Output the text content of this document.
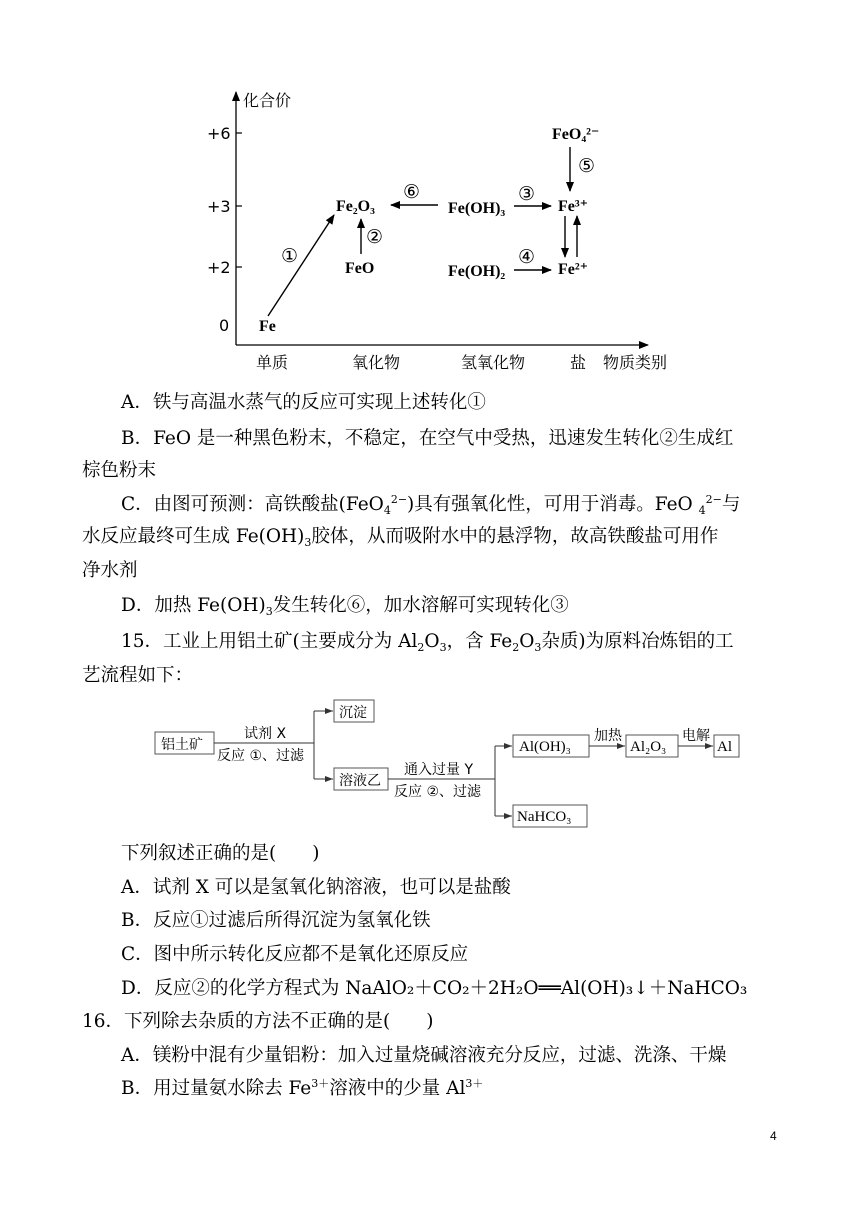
化合价
+6
+3
+2
0
单质	氧化物	氢氧化物	盐 物质类别
Fe
FeO
Fe₂O₃	Fe(OH)₃
Fe(OH)₂
Fe³⁺
Fe²⁺
FeO₄²⁻
①
②
③
④
⑤
⑥
A．铁与高温水蒸气的反应可实现上述转化①
B．FeO 是一种黑色粉末，不稳定，在空气中受热，迅速发生转化②生成红
棕色粉末
C．由图可预测：高铁酸盐(FeO$_4^{2-}$)具有强氧化性，可用于消毒。FeO $_4^{2-}$与
水反应最终可生成 $Fe(OH)_3$胶体，从而吸附水中的悬浮物，故高铁酸盐可用作
净水剂
D．加热 $Fe(OH)_3$发生转化⑥，加水溶解可实现转化③
15．工业上用铝土矿(主要成分为 $Al_2O_3$，含 $Fe_2O_3$杂质)为原料冶炼铝的工
艺流程如下：
铝土矿
沉淀
溶液乙
Al(OH)₃	Al₂O₃	Al
NaHCO₃
试剂 X
反应 ①、过滤
通入过量 Y
反应 ②、过滤
加热	电解
下列叙述正确的是( )
A．试剂 X 可以是氢氧化钠溶液，也可以是盐酸
B．反应①过滤后所得沉淀为氢氧化铁
C．图中所示转化反应都不是氧化还原反应
D．反应②的化学方程式为 NaAlO₂＋CO₂＋2H₂O══Al(OH)₃↓＋NaHCO₃
16．下列除去杂质的方法不正确的是( )
A．镁粉中混有少量铝粉：加入过量烧碱溶液充分反应，过滤、洗涤、干燥
B．用过量氨水除去 $Fe^{3+}$溶液中的少量 $Al^{3+}$
4
